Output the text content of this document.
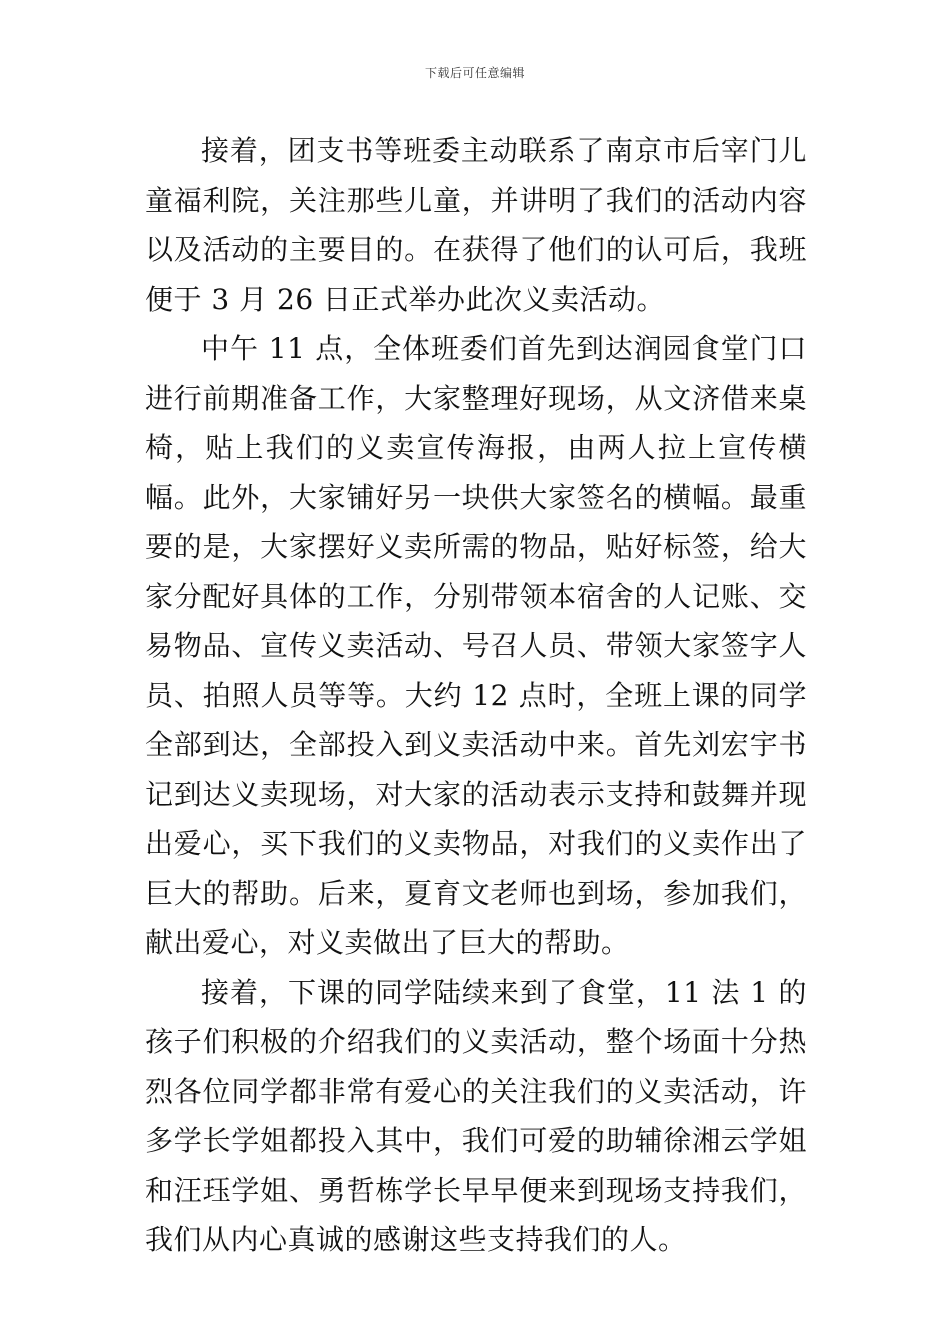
下载后可任意编辑

接着，团支书等班委主动联系了南京市后宰门儿童福利院，关注那些儿童，并讲明了我们的活动内容以及活动的主要目的。在获得了他们的认可后，我班便于 3 月 26 日正式举办此次义卖活动。

中午 11 点，全体班委们首先到达润园食堂门口进行前期准备工作，大家整理好现场，从文济借来桌椅，贴上我们的义卖宣传海报，由两人拉上宣传横幅。此外，大家铺好另一块供大家签名的横幅。最重要的是，大家摆好义卖所需的物品，贴好标签，给大家分配好具体的工作，分别带领本宿舍的人记账、交易物品、宣传义卖活动、号召人员、带领大家签字人员、拍照人员等等。大约 12 点时，全班上课的同学全部到达，全部投入到义卖活动中来。首先刘宏宇书记到达义卖现场，对大家的活动表示支持和鼓舞并现出爱心，买下我们的义卖物品，对我们的义卖作出了巨大的帮助。后来，夏育文老师也到场，参加我们，献出爱心，对义卖做出了巨大的帮助。

接着，下课的同学陆续来到了食堂，11 法 1 的孩子们积极的介绍我们的义卖活动，整个场面十分热烈各位同学都非常有爱心的关注我们的义卖活动，许多学长学姐都投入其中，我们可爱的助辅徐湘云学姐和汪珏学姐、勇哲栋学长早早便来到现场支持我们，我们从内心真诚的感谢这些支持我们的人。
